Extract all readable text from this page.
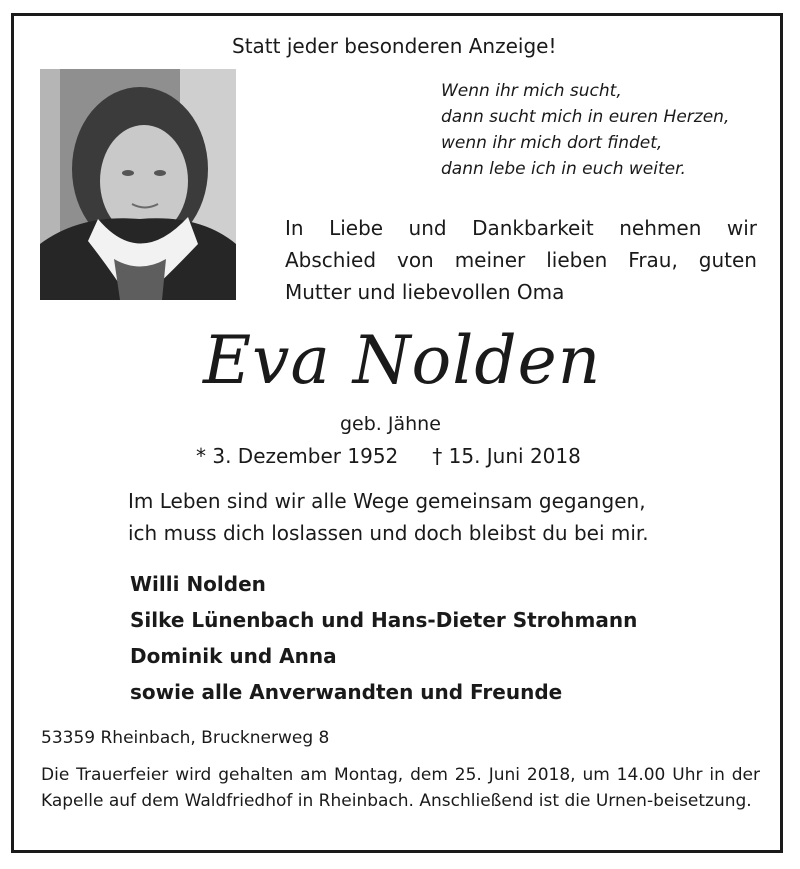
Statt jeder besonderen Anzeige!
Wenn ihr mich sucht,
dann sucht mich in euren Herzen,
wenn ihr mich dort findet,
dann lebe ich in euch weiter.
In Liebe und Dankbarkeit nehmen wir
Abschied von meiner lieben Frau, guten
Mutter und liebevollen Oma
Eva Nolden
geb. Jähne
* 3. Dezember 1952 † 15. Juni 2018
Im Leben sind wir alle Wege gemeinsam gegangen,
ich muss dich loslassen und doch bleibst du bei mir.
Willi Nolden
Silke Lünenbach und Hans-Dieter Strohmann
Dominik und Anna
sowie alle Anverwandten und Freunde
53359 Rheinbach, Brucknerweg 8
Die Trauerfeier wird gehalten am Montag, dem 25. Juni 2018, um 14.00 Uhr in der Kapelle auf dem Waldfriedhof in Rheinbach. Anschließend ist die Urnen-beisetzung.
